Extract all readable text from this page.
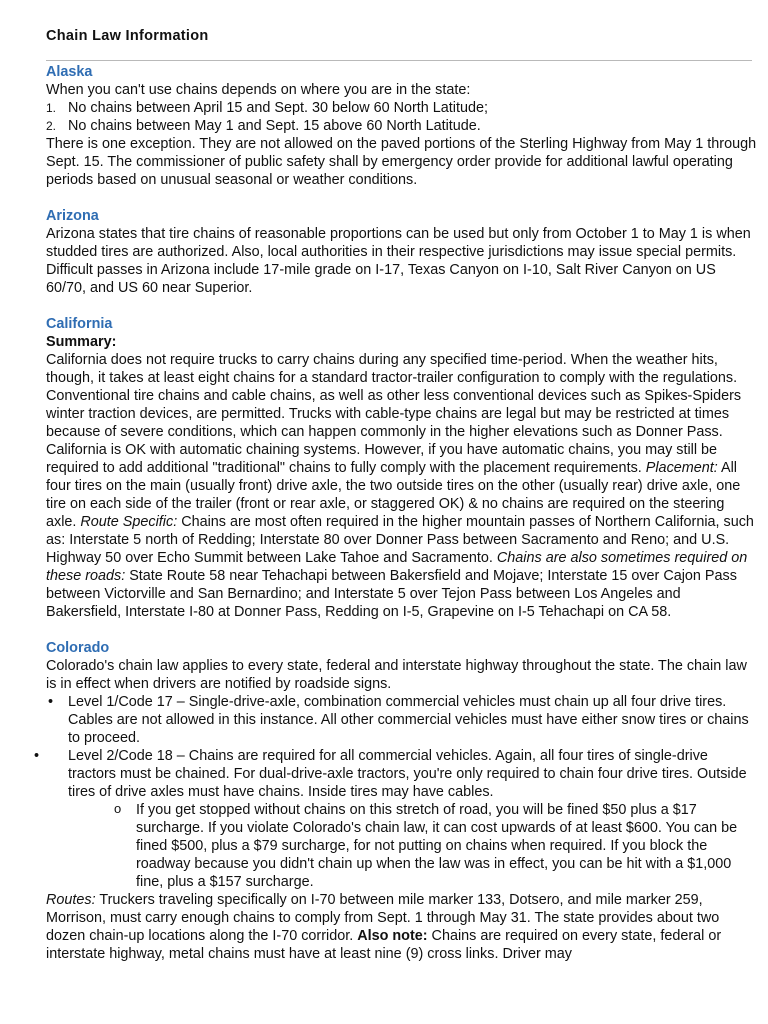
Chain Law Information
Alaska

When you can't use chains depends on where you are in the state:

1. No chains between April 15 and Sept. 30 below 60 North Latitude;

2. No chains between May 1 and Sept. 15 above 60 North Latitude.

There is one exception. They are not allowed on the paved portions of the Sterling Highway from May 1 through Sept. 15. The commissioner of public safety shall by emergency order provide for additional lawful operating periods based on unusual seasonal or weather conditions.

Arizona

Arizona states that tire chains of reasonable proportions can be used but only from October 1 to May 1 is when studded tires are authorized. Also, local authorities in their respective jurisdictions may issue special permits. Difficult passes in Arizona include 17-mile grade on I-17, Texas Canyon on I-10, Salt River Canyon on US 60/70, and US 60 near Superior.

California

Summary:

California does not require trucks to carry chains during any specified time-period. When the weather hits, though, it takes at least eight chains for a standard tractor-trailer configuration to comply with the regulations. Conventional tire chains and cable chains, as well as other less conventional devices such as Spikes-Spiders winter traction devices, are permitted. Trucks with cable-type chains are legal but may be restricted at times because of severe conditions, which can happen commonly in the higher elevations such as Donner Pass. California is OK with automatic chaining systems. However, if you have automatic chains, you may still be required to add additional "traditional" chains to fully comply with the placement requirements. Placement: All four tires on the main (usually front) drive axle, the two outside tires on the other (usually rear) drive axle, one tire on each side of the trailer (front or rear axle, or staggered OK) & no chains are required on the steering axle. Route Specific: Chains are most often required in the higher mountain passes of Northern California, such as: Interstate 5 north of Redding; Interstate 80 over Donner Pass between Sacramento and Reno; and U.S. Highway 50 over Echo Summit between Lake Tahoe and Sacramento. Chains are also sometimes required on these roads: State Route 58 near Tehachapi between Bakersfield and Mojave; Interstate 15 over Cajon Pass between Victorville and San Bernardino; and Interstate 5 over Tejon Pass between Los Angeles and Bakersfield, Interstate I-80 at Donner Pass, Redding on I-5, Grapevine on I-5 Tehachapi on CA 58.

Colorado

Colorado's chain law applies to every state, federal and interstate highway throughout the state. The chain law is in effect when drivers are notified by roadside signs.

• Level 1/Code 17 – Single-drive-axle, combination commercial vehicles must chain up all four drive tires. Cables are not allowed in this instance. All other commercial vehicles must have either snow tires or chains to proceed.
• Level 2/Code 18 – Chains are required for all commercial vehicles. Again, all four tires of single-drive tractors must be chained. For dual-drive-axle tractors, you're only required to chain four drive tires. Outside tires of drive axles must have chains. Inside tires may have cables.
o If you get stopped without chains on this stretch of road, you will be fined $50 plus a $17 surcharge. If you violate Colorado's chain law, it can cost upwards of at least $600. You can be fined $500, plus a $79 surcharge, for not putting on chains when required. If you block the roadway because you didn't chain up when the law was in effect, you can be hit with a $1,000 fine, plus a $157 surcharge.

Routes: Truckers traveling specifically on I-70 between mile marker 133, Dotsero, and mile marker 259, Morrison, must carry enough chains to comply from Sept. 1 through May 31. The state provides about two dozen chain-up locations along the I-70 corridor. Also note: Chains are required on every state, federal or interstate highway, metal chains must have at least nine (9) cross links. Driver may
